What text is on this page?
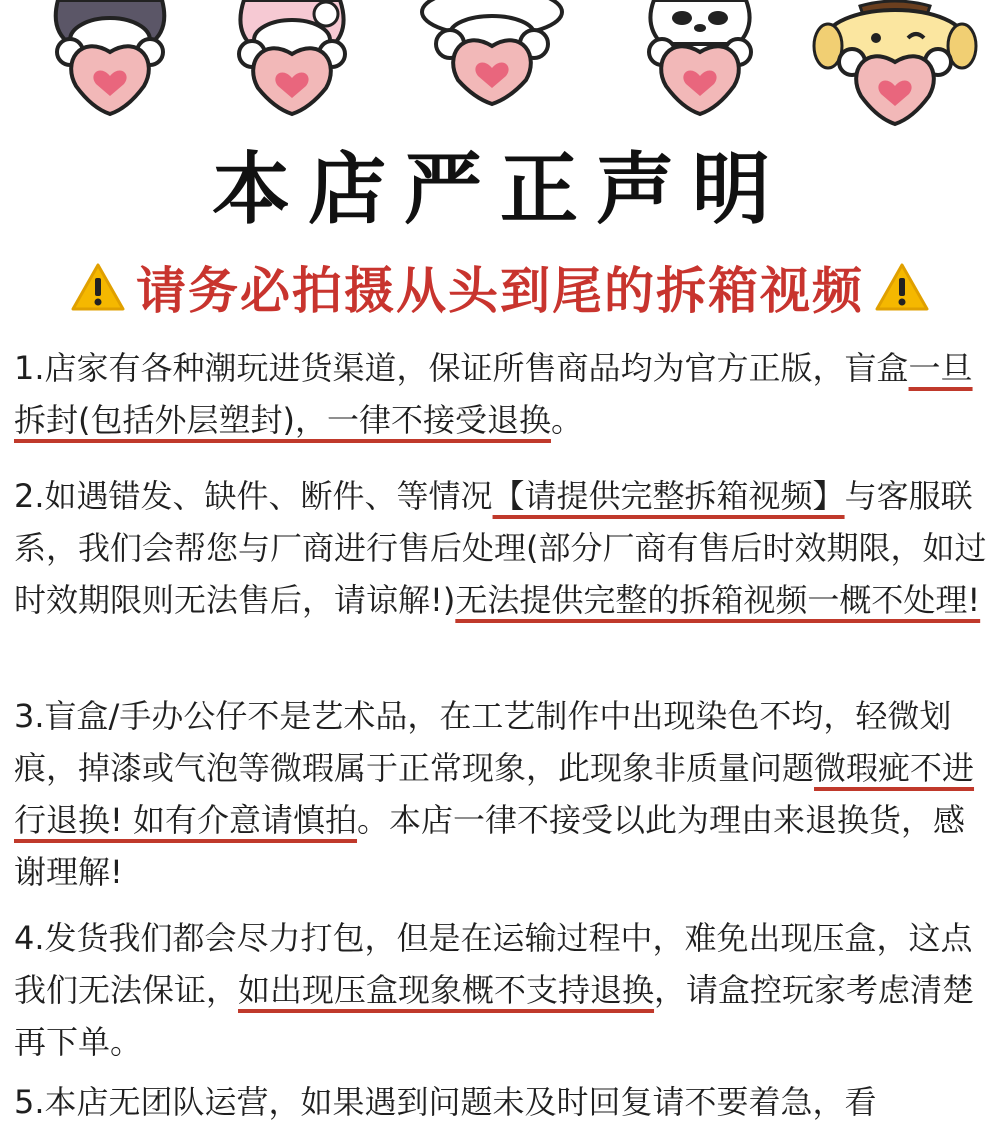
本店严正声明
请务必拍摄从头到尾的拆箱视频

1.店家有各种潮玩进货渠道，保证所售商品均为官方正版，盲盒一旦拆封(包括外层塑封)，一律不接受退换。

2.如遇错发、缺件、断件、等情况【请提供完整拆箱视频】与客服联系，我们会帮您与厂商进行售后处理(部分厂商有售后时效期限，如过时效期限则无法售后，请谅解!)无法提供完整的拆箱视频一概不处理!

3.盲盒/手办公仔不是艺术品，在工艺制作中出现染色不均，轻微划痕，掉漆或气泡等微瑕属于正常现象，此现象非质量问题微瑕疵不进行退换! 如有介意请慎拍。本店一律不接受以此为理由来退换货，感谢理解!

4.发货我们都会尽力打包，但是在运输过程中，难免出现压盒，这点我们无法保证，如出现压盒现象概不支持退换，请盒控玩家考虑清楚再下单。

5.本店无团队运营，如果遇到问题未及时回复请不要着急，看
